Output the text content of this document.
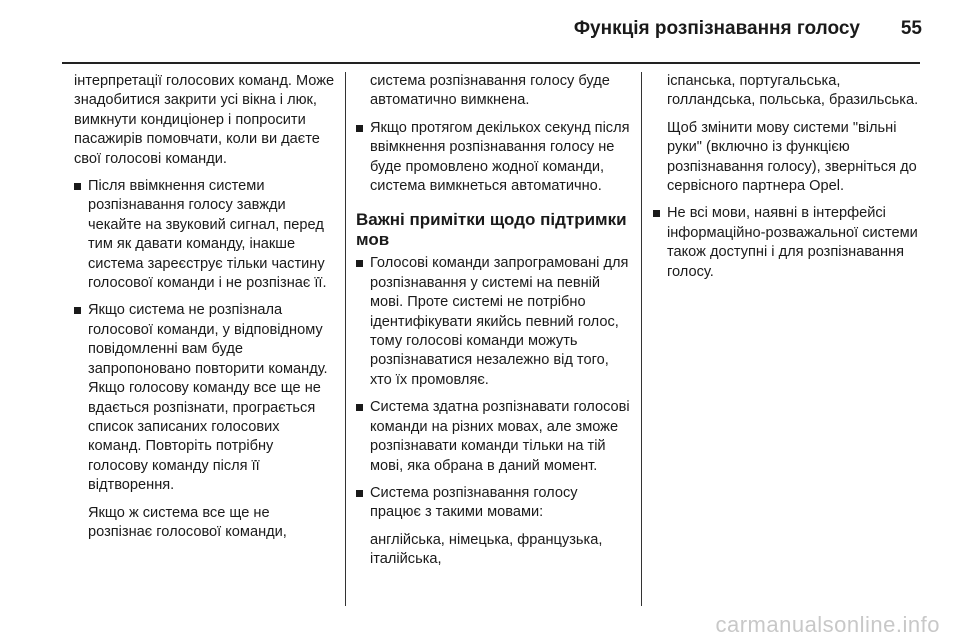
Функція розпізнавання голосу 55

інтерпретації голосових команд. Може знадобитися закрити усі вікна і люк, вимкнути кондиціонер і попросити пасажирів помовчати, коли ви даєте свої голосові команди.

Після ввімкнення системи розпізнавання голосу завжди чекайте на звуковий сигнал, перед тим як давати команду, інакше система зареєструє тільки частину голосової команди і не розпізнає її.
Якщо система не розпізнала голосової команди, у відповідному повідомленні вам буде запропоновано повторити команду. Якщо голосову команду все ще не вдається розпізнати, програється список записаних голосових команд. Повторіть потрібну голосову команду після її відтворення.

Якщо ж система все ще не розпізнає голосової команди,

система розпізнавання голосу буде автоматично вимкнена.

Якщо протягом декількох секунд після ввімкнення розпізнавання голосу не буде промовлено жодної команди, система вимкнеться автоматично.
Важні примітки щодо підтримки мов
Голосові команди запрограмовані для розпізнавання у системі на певній мові. Проте системі не потрібно ідентифікувати якийсь певний голос, тому голосові команди можуть розпізнаватися незалежно від того, хто їх промовляє.
Система здатна розпізнавати голосові команди на різних мовах, але зможе розпізнавати команди тільки на тій мові, яка обрана в даний момент.
Система розпізнавання голосу працює з такими мовами:

англійська, німецька, французька, італійська,

іспанська, португальська, голландська, польська, бразильська.

Щоб змінити мову системи "вільні руки" (включно із функцією розпізнавання голосу), зверніться до сервісного партнера Opel.

Не всі мови, наявні в інтерфейсі інформаційно-розважальної системи також доступні і для розпізнавання голосу.
carmanualsonline.info
